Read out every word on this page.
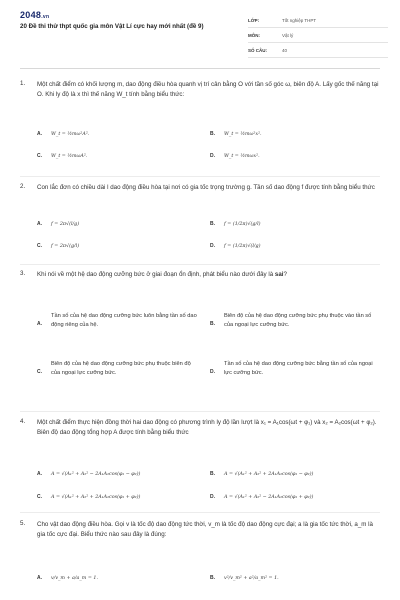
2048.vn
20 Đề thi thử thpt quốc gia môn Vật Lí cực hay mới nhất (đề 9)
LỚP:	Tốt nghiệp THPT
MÔN:	Vật lý
SỐ CÂU:	40
1. Một chất điểm có khối lượng m, dao động điều hòa quanh vị trí cân bằng O với tần số góc ω, biên độ A. Lấy gốc thế năng tại O. Khi ly độ là x thì thế năng W_t tính bằng biểu thức:
A. W_t = ½mω²A².	B. W_t = ½mω²x².
C. W_t = ½mωA².	D. W_t = ½mωx².
2. Con lắc đơn có chiều dài l dao động điều hòa tại nơi có gia tốc trọng trường g. Tần số dao động f được tính bằng biểu thức
A. f = 2π√(l/g)	B. f = (1/2π)√(g/l)
C. f = 2π√(g/l)	D. f = (1/2π)√(l/g)
3. Khi nói về một hệ dao động cưỡng bức ở giai đoạn ổn định, phát biểu nào dưới đây là sai?
A.
Tần số của hệ dao động cưỡng bức luôn bằng tần số dao động riêng của hệ.	B.
Biên độ của hệ dao động cưỡng bức phụ thuộc vào tần số của ngoại lực cưỡng bức.
C.
Biên độ của hệ dao động cưỡng bức phụ thuộc biên độ của ngoại lực cưỡng bức.	D.
Tần số của hệ dao động cưỡng bức bằng tần số của ngoại lực cưỡng bức.
4. Một chất điểm thực hiện đồng thời hai dao động có phương trình ly độ lần lượt là x₁ = A₁cos(ωt + φ₁) và x₂ = A₂cos(ωt + φ₂). Biên độ dao động tổng hợp A được tính bằng biểu thức
A. A = √(A₁² + A₂² − 2A₁A₂cos(φ₁ − φ₂))	B. A = √(A₁² + A₂² + 2A₁A₂cos(φ₁ − φ₂))
C. A = √(A₁² + A₂² + 2A₁A₂cos(φ₁ + φ₂))	D. A = √(A₁² + A₂² − 2A₁A₂cos(φ₁ + φ₂))
5. Cho vật dao động điều hòa. Gọi v là tốc độ dao động tức thời, v_m là tốc độ dao động cực đại; a là gia tốc tức thời, a_m là gia tốc cực đại. Biểu thức nào sau đây là đúng:
A. v/v_m + a/a_m = 1.	B. v²/v_m² + a²/a_m² = 1.
